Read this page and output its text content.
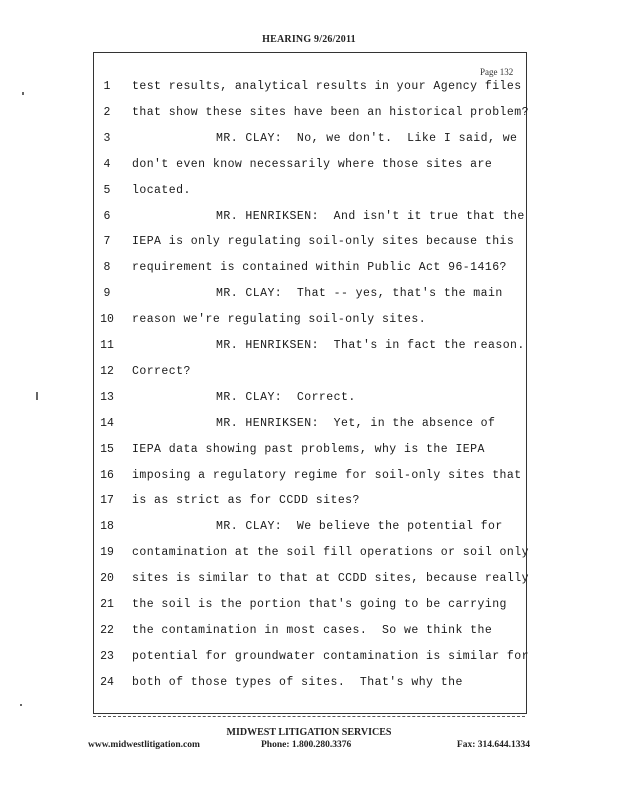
HEARING 9/26/2011
Page 132
1	test results, analytical results in your Agency files
2	that show these sites have been an historical problem?
3	MR. CLAY:  No, we don't.  Like I said, we
4	don't even know necessarily where those sites are
5	located.
6	MR. HENRIKSEN:  And isn't it true that the
7	IEPA is only regulating soil-only sites because this
8	requirement is contained within Public Act 96-1416?
9	MR. CLAY:  That -- yes, that's the main
10	reason we're regulating soil-only sites.
11	MR. HENRIKSEN:  That's in fact the reason.
12	Correct?
13	MR. CLAY:  Correct.
14	MR. HENRIKSEN:  Yet, in the absence of
15	IEPA data showing past problems, why is the IEPA
16	imposing a regulatory regime for soil-only sites that
17	is as strict as for CCDD sites?
18	MR. CLAY:  We believe the potential for
19	contamination at the soil fill operations or soil only
20	sites is similar to that at CCDD sites, because really
21	the soil is the portion that's going to be carrying
22	the contamination in most cases.  So we think the
23	potential for groundwater contamination is similar for
24	both of those types of sites.  That's why the
MIDWEST LITIGATION SERVICES
www.midwestlitigation.com	Phone: 1.800.280.3376	Fax: 314.644.1334
